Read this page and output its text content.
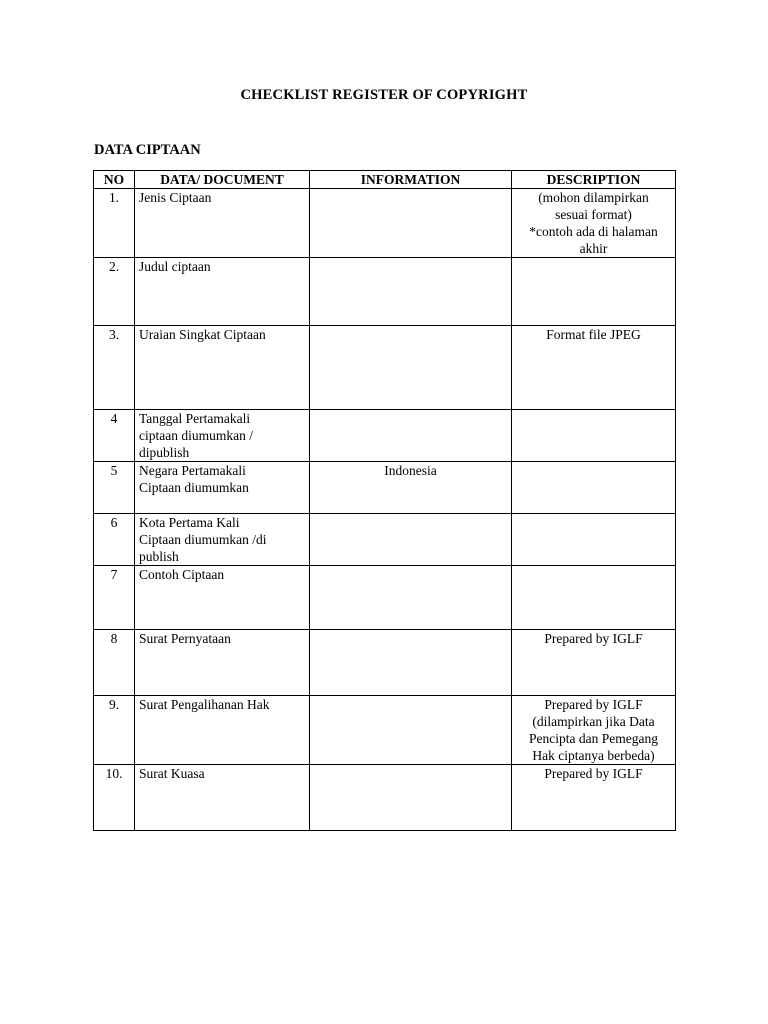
CHECKLIST REGISTER OF COPYRIGHT
DATA CIPTAAN
NO	DATA/ DOCUMENT	INFORMATION	DESCRIPTION
1.	Jenis Ciptaan		(mohon dilampirkan
sesuai format)
*contoh ada di halaman
akhir

2.	Judul ciptaan		

3.	Uraian Singkat Ciptaan		Format file JPEG

4	Tanggal Pertamakali
ciptaan diumumkan /
dipublish		

5	Negara Pertamakali
Ciptaan diumumkan	Indonesia	

6	Kota Pertama Kali
Ciptaan diumumkan /di
publish		

7	Contoh Ciptaan		

8	Surat Pernyataan		Prepared by IGLF

9.	Surat Pengalihanan Hak		Prepared by IGLF
(dilampirkan jika Data
Pencipta dan Pemegang
Hak ciptanya berbeda)

10.	Surat Kuasa		Prepared by IGLF
